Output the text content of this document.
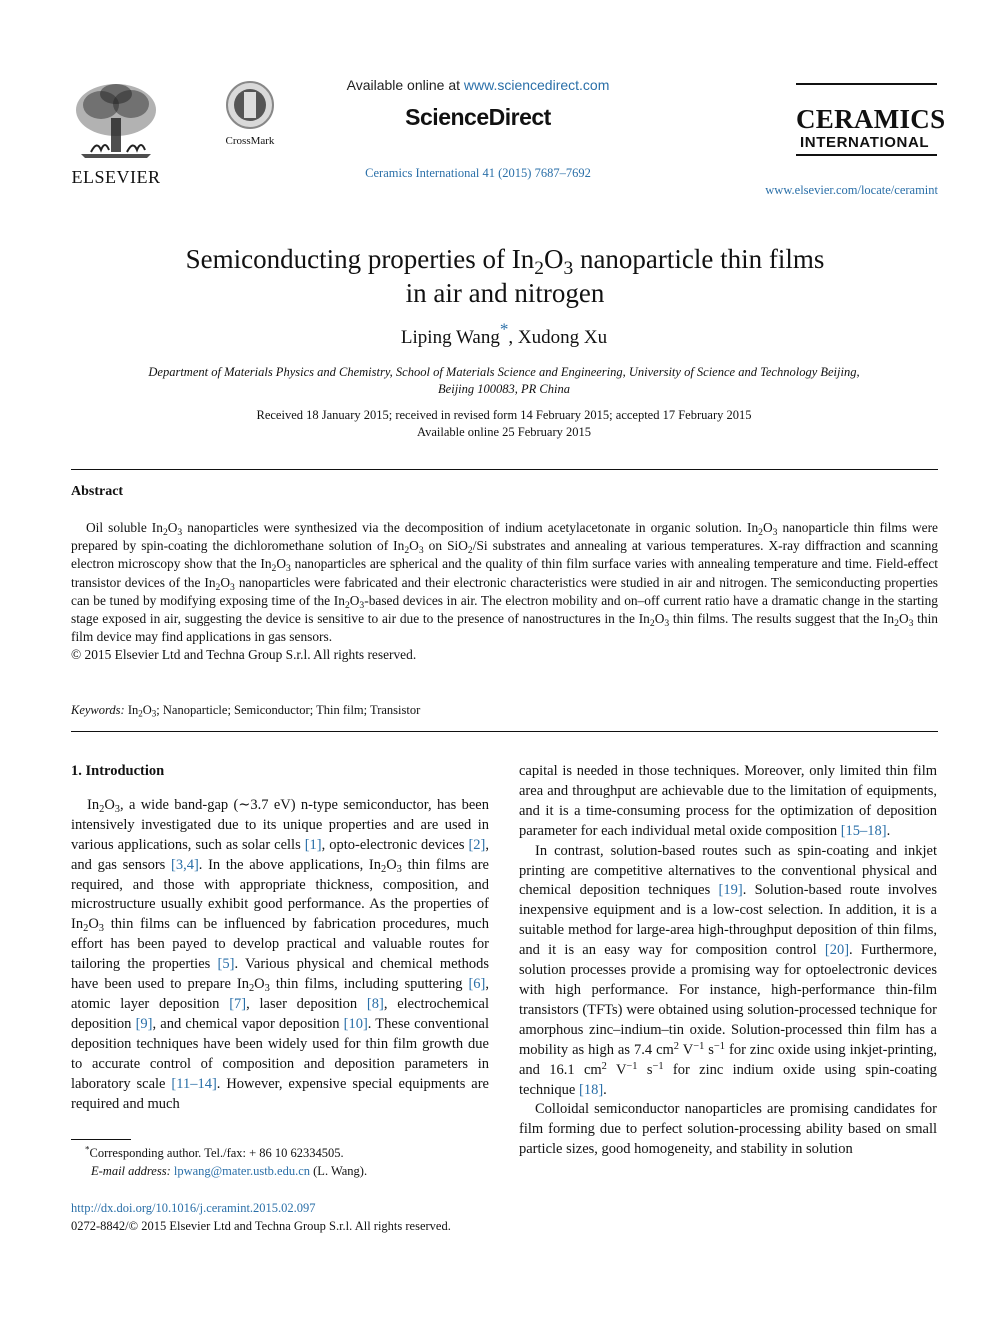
ELSEVIER
CrossMark
Available online at www.sciencedirect.com
ScienceDirect
Ceramics International 41 (2015) 7687–7692
CERAMICS
INTERNATIONAL
www.elsevier.com/locate/ceramint
Semiconducting properties of $In_2O_3$ nanoparticle thin films
in air and nitrogen
Liping Wang*, Xudong Xu
Department of Materials Physics and Chemistry, School of Materials Science and Engineering, University of Science and Technology Beijing,
Beijing 100083, PR China
Received 18 January 2015; received in revised form 14 February 2015; accepted 17 February 2015
Available online 25 February 2015
Abstract
Oil soluble $In_2O_3$ nanoparticles were synthesized via the decomposition of indium acetylacetonate in organic solution. $In_2O_3$ nanoparticle thin films were prepared by spin-coating the dichloromethane solution of $In_2O_3$ on SiO$_2$/Si substrates and annealing at various temperatures. X-ray diffraction and scanning electron microscopy show that the $In_2O_3$ nanoparticles are spherical and the quality of thin film surface varies with annealing temperature and time. Field-effect transistor devices of the $In_2O_3$ nanoparticles were fabricated and their electronic characteristics were studied in air and nitrogen. The semiconducting properties can be tuned by modifying exposing time of the $In_2O_3$-based devices in air. The electron mobility and on–off current ratio have a dramatic change in the starting stage exposed in air, suggesting the device is sensitive to air due to the presence of nanostructures in the $In_2O_3$ thin films. The results suggest that the $In_2O_3$ thin film device may find applications in gas sensors.
© 2015 Elsevier Ltd and Techna Group S.r.l. All rights reserved.
Keywords: $In_2O_3$; Nanoparticle; Semiconductor; Thin film; Transistor
1. Introduction

$In_2O_3$, a wide band-gap (∼3.7 eV) n-type semiconductor, has been intensively investigated due to its unique properties and are used in various applications, such as solar cells [1], opto-electronic devices [2], and gas sensors [3,4]. In the above applications, $In_2O_3$ thin films are required, and those with appropriate thickness, composition, and microstructure usually exhibit good performance. As the properties of $In_2O_3$ thin films can be influenced by fabrication procedures, much effort has been payed to develop practical and valuable routes for tailoring the properties [5]. Various physical and chemical methods have been used to prepare $In_2O_3$ thin films, including sputtering [6], atomic layer deposition [7], laser deposition [8], electrochemical deposition [9], and chemical vapor deposition [10]. These conventional deposition techniques have been widely used for thin film growth due to accurate control of composition and deposition parameters in laboratory scale [11–14]. However, expensive special equipments are required and much

*Corresponding author. Tel./fax: + 86 10 62334505.
E-mail address: lpwang@mater.ustb.edu.cn (L. Wang).
http://dx.doi.org/10.1016/j.ceramint.2015.02.097
0272-8842/© 2015 Elsevier Ltd and Techna Group S.r.l. All rights reserved.

capital is needed in those techniques. Moreover, only limited thin film area and throughput are achievable due to the limitation of equipments, and it is a time-consuming process for the optimization of deposition parameter for each individual metal oxide composition [15–18].

In contrast, solution-based routes such as spin-coating and inkjet printing are competitive alternatives to the conventional physical and chemical deposition techniques [19]. Solution-based route involves inexpensive equipment and is a low-cost selection. In addition, it is a suitable method for large-area high-throughput deposition of thin films, and it is an easy way for composition control [20]. Furthermore, solution processes provide a promising way for optoelectronic devices with high performance. For instance, high-performance thin-film transistors (TFTs) were obtained using solution-processed technique for amorphous zinc–indium–tin oxide. Solution-processed thin film has a mobility as high as 7.4 $cm^2$ $V^{-1}$ $s^{-1}$ for zinc oxide using inkjet-printing, and 16.1 $cm^2$ $V^{-1}$ $s^{-1}$ for zinc indium oxide using spin-coating technique [18].

Colloidal semiconductor nanoparticles are promising candidates for film forming due to perfect solution-processing ability based on small particle sizes, good homogeneity, and stability in solution
